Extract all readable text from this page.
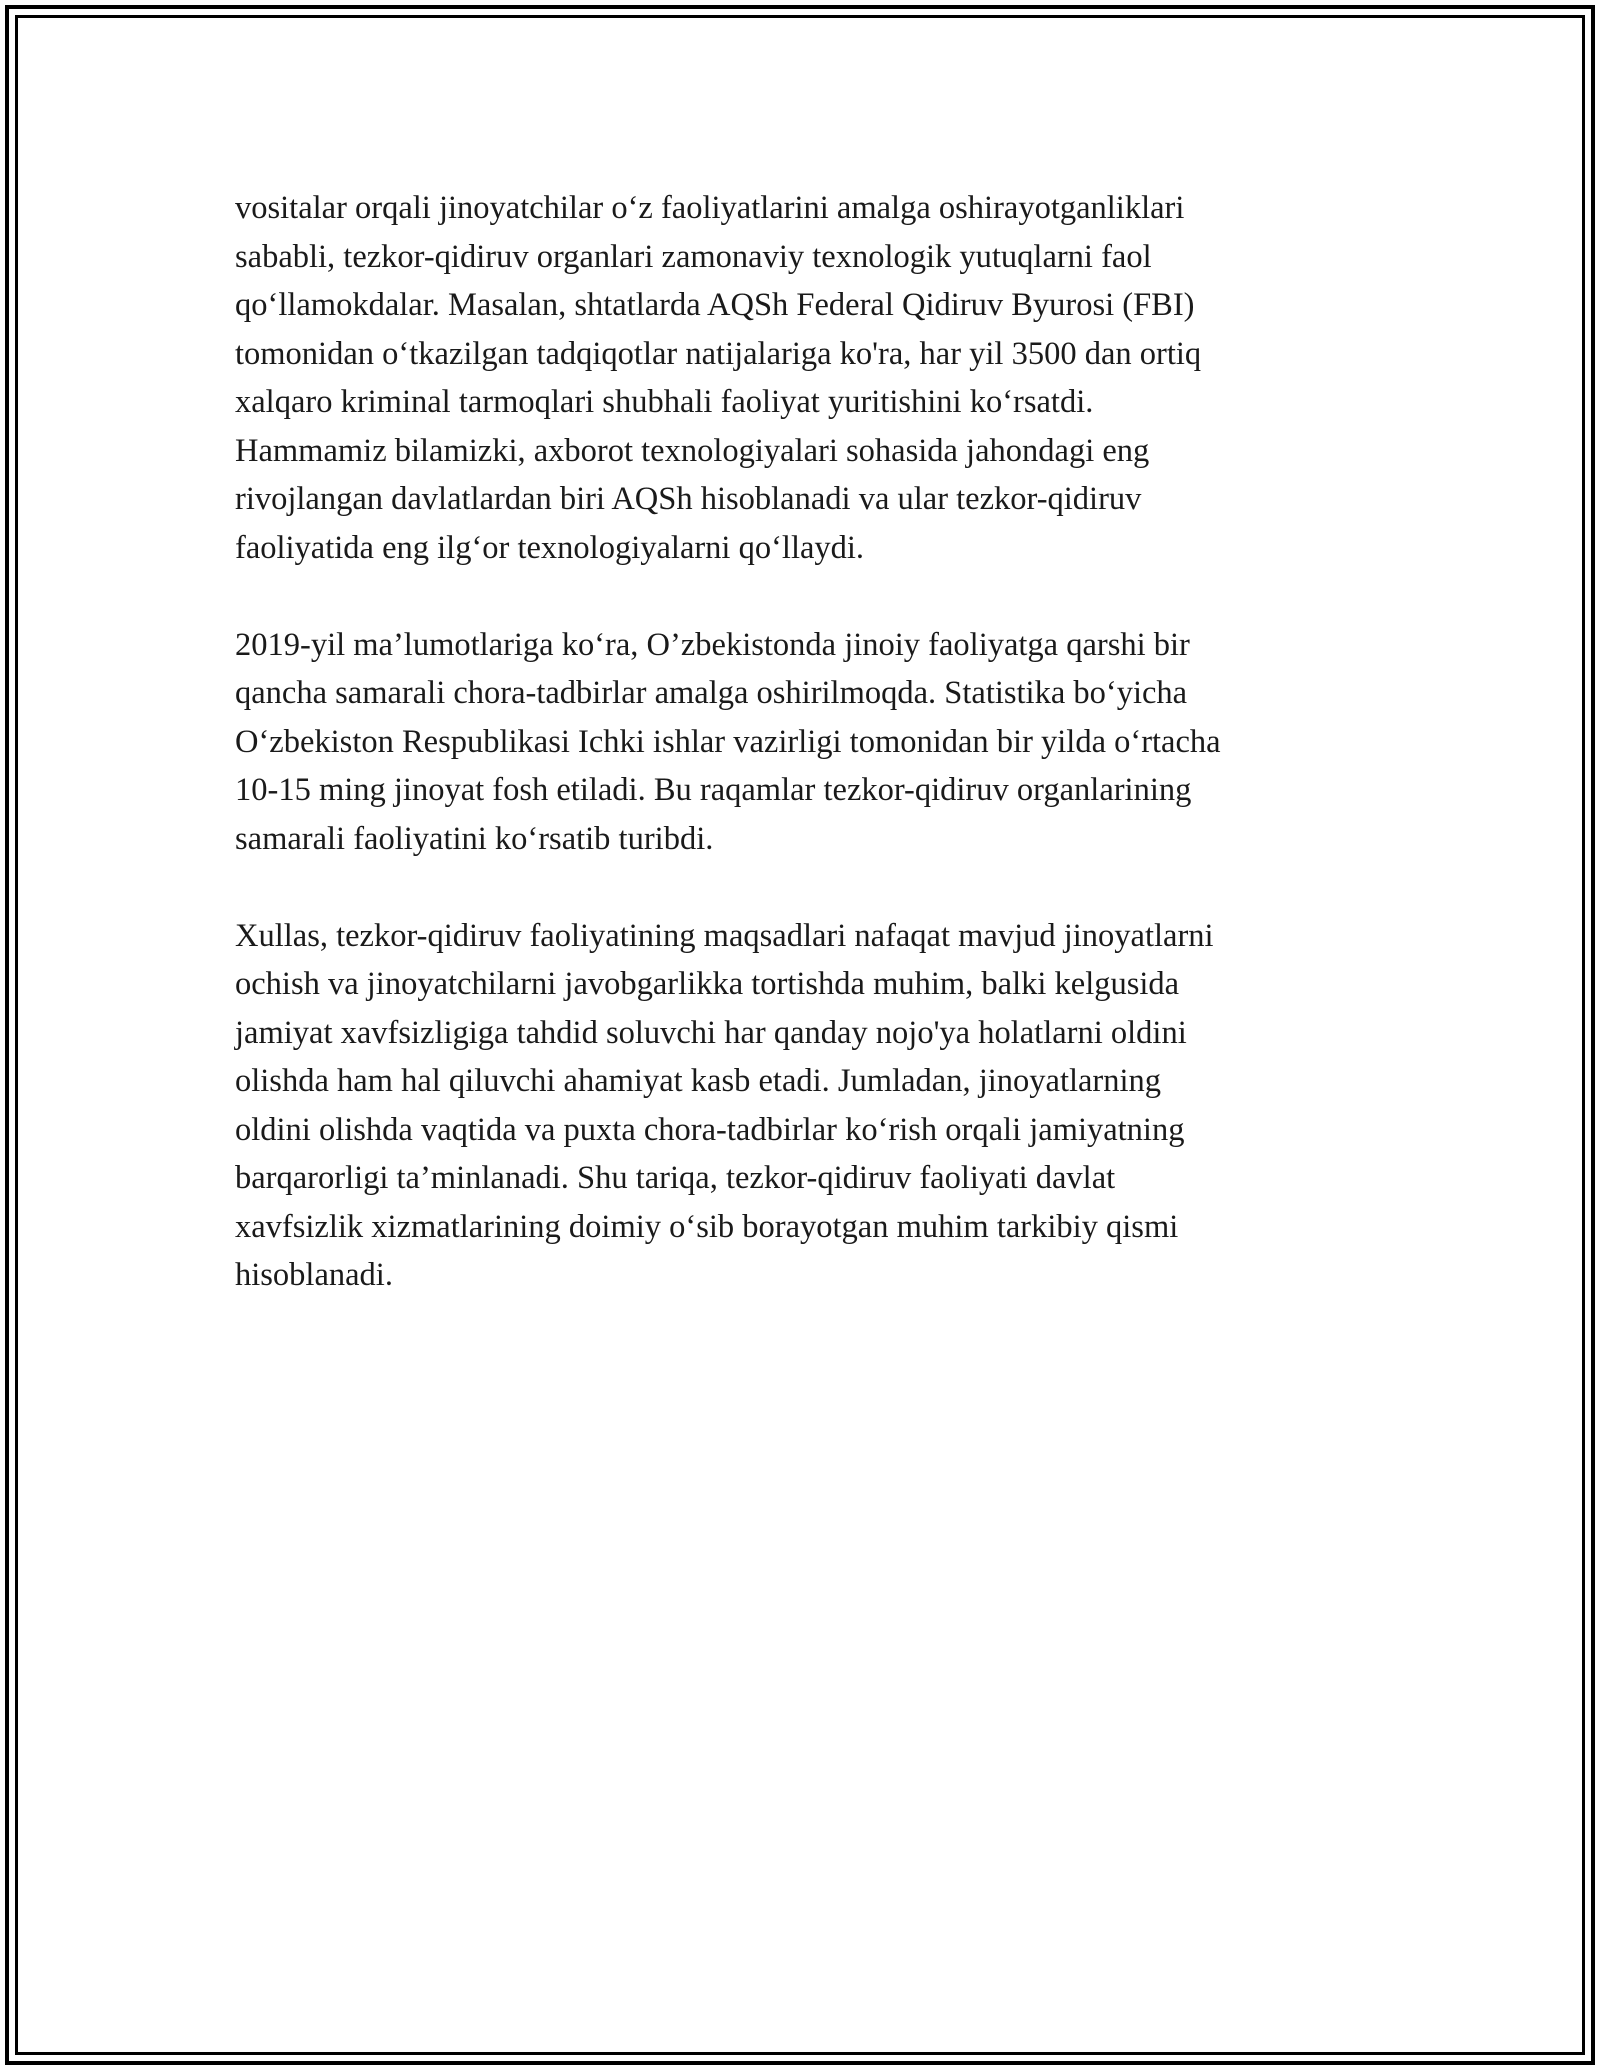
vositalar orqali jinoyatchilar o‘z faoliyatlarini amalga oshirayotganliklari
sababli, tezkor-qidiruv organlari zamonaviy texnologik yutuqlarni faol
qo‘llamokdalar. Masalan, shtatlarda AQSh Federal Qidiruv Byurosi (FBI)
tomonidan o‘tkazilgan tadqiqotlar natijalariga ko'ra, har yil 3500 dan ortiq
xalqaro kriminal tarmoqlari shubhali faoliyat yuritishini ko‘rsatdi.
Hammamiz bilamizki, axborot texnologiyalari sohasida jahondagi eng
rivojlangan davlatlardan biri AQSh hisoblanadi va ular tezkor-qidiruv
faoliyatida eng ilg‘or texnologiyalarni qo‘llaydi.

2019-yil ma’lumotlariga ko‘ra, O’zbekistonda jinoiy faoliyatga qarshi bir
qancha samarali chora-tadbirlar amalga oshirilmoqda. Statistika bo‘yicha
O‘zbekiston Respublikasi Ichki ishlar vazirligi tomonidan bir yilda o‘rtacha
10-15 ming jinoyat fosh etiladi. Bu raqamlar tezkor-qidiruv organlarining
samarali faoliyatini ko‘rsatib turibdi.

Xullas, tezkor-qidiruv faoliyatining maqsadlari nafaqat mavjud jinoyatlarni
ochish va jinoyatchilarni javobgarlikka tortishda muhim, balki kelgusida
jamiyat xavfsizligiga tahdid soluvchi har qanday nojo'ya holatlarni oldini
olishda ham hal qiluvchi ahamiyat kasb etadi. Jumladan, jinoyatlarning
oldini olishda vaqtida va puxta chora-tadbirlar ko‘rish orqali jamiyatning
barqarorligi ta’minlanadi. Shu tariqa, tezkor-qidiruv faoliyati davlat
xavfsizlik xizmatlarining doimiy o‘sib borayotgan muhim tarkibiy qismi
hisoblanadi.
